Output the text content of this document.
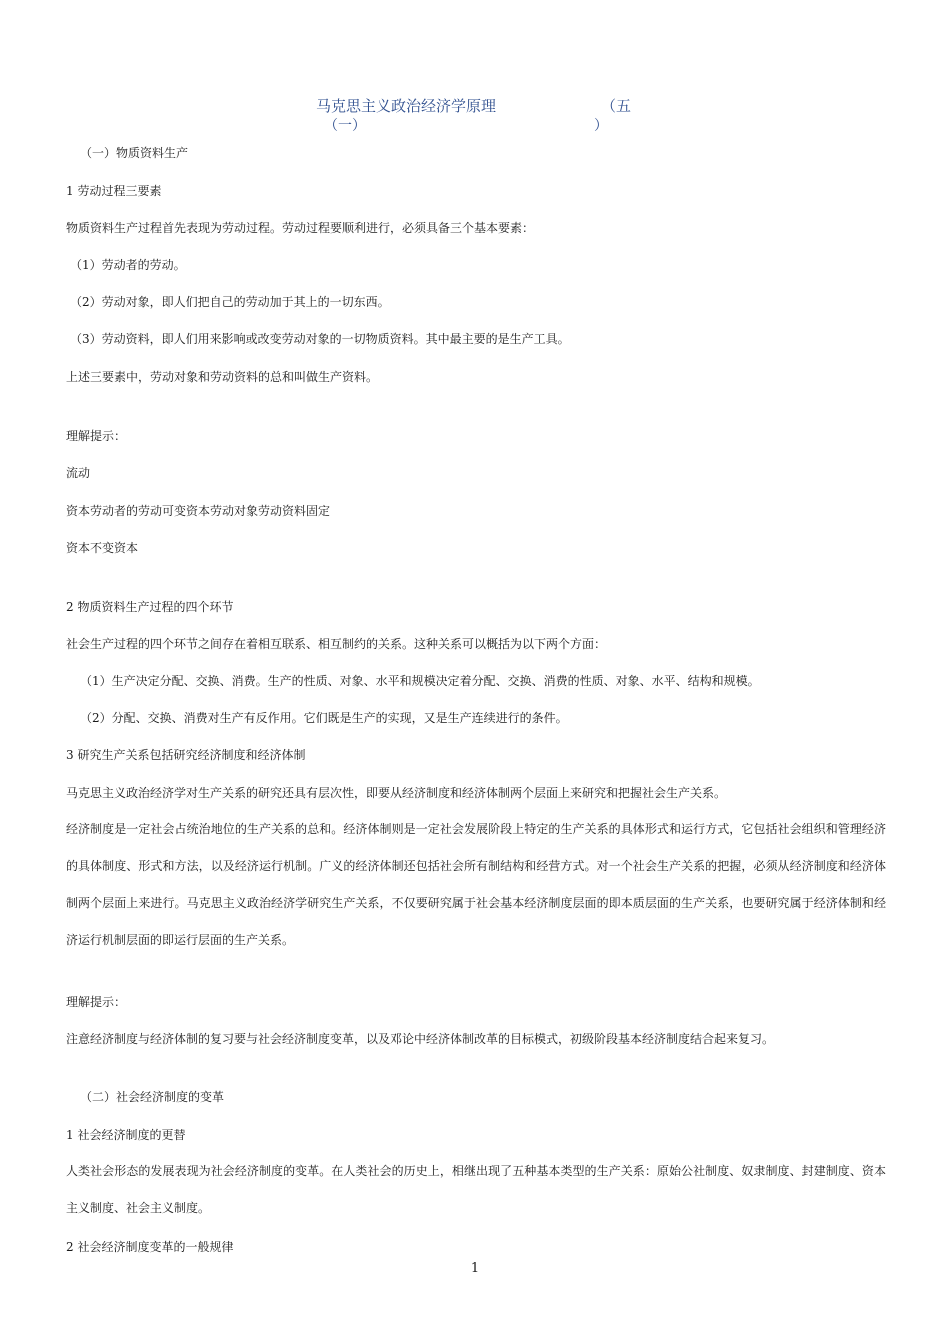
马克思主义政治经济学原理	（五
（一）	）
（一）物质资料生产
1 劳动过程三要素
物质资料生产过程首先表现为劳动过程。劳动过程要顺利进行，必须具备三个基本要素：
（1）劳动者的劳动。
（2）劳动对象，即人们把自己的劳动加于其上的一切东西。
（3）劳动资料，即人们用来影响或改变劳动对象的一切物质资料。其中最主要的是生产工具。
上述三要素中，劳动对象和劳动资料的总和叫做生产资料。
理解提示：
流动
资本劳动者的劳动可变资本劳动对象劳动资料固定
资本不变资本
2 物质资料生产过程的四个环节
社会生产过程的四个环节之间存在着相互联系、相互制约的关系。这种关系可以概括为以下两个方面：
（1）生产决定分配、交换、消费。生产的性质、对象、水平和规模决定着分配、交换、消费的性质、对象、水平、结构和规模。
（2）分配、交换、消费对生产有反作用。它们既是生产的实现，又是生产连续进行的条件。
3 研究生产关系包括研究经济制度和经济体制
马克思主义政治经济学对生产关系的研究还具有层次性，即要从经济制度和经济体制两个层面上来研究和把握社会生产关系。
经济制度是一定社会占统治地位的生产关系的总和。经济体制则是一定社会发展阶段上特定的生产关系的具体形式和运行方式，它包括社会组织和管理经济的具体制度、形式和方法，以及经济运行机制。广义的经济体制还包括社会所有制结构和经营方式。对一个社会生产关系的把握，必须从经济制度和经济体制两个层面上来进行。马克思主义政治经济学研究生产关系，不仅要研究属于社会基本经济制度层面的即本质层面的生产关系，也要研究属于经济体制和经济运行机制层面的即运行层面的生产关系。
理解提示：
注意经济制度与经济体制的复习要与社会经济制度变革，以及邓论中经济体制改革的目标模式，初级阶段基本经济制度结合起来复习。
（二）社会经济制度的变革
1 社会经济制度的更替
人类社会形态的发展表现为社会经济制度的变革。在人类社会的历史上，相继出现了五种基本类型的生产关系：原始公社制度、奴隶制度、封建制度、资本主义制度、社会主义制度。
2 社会经济制度变革的一般规律
1
